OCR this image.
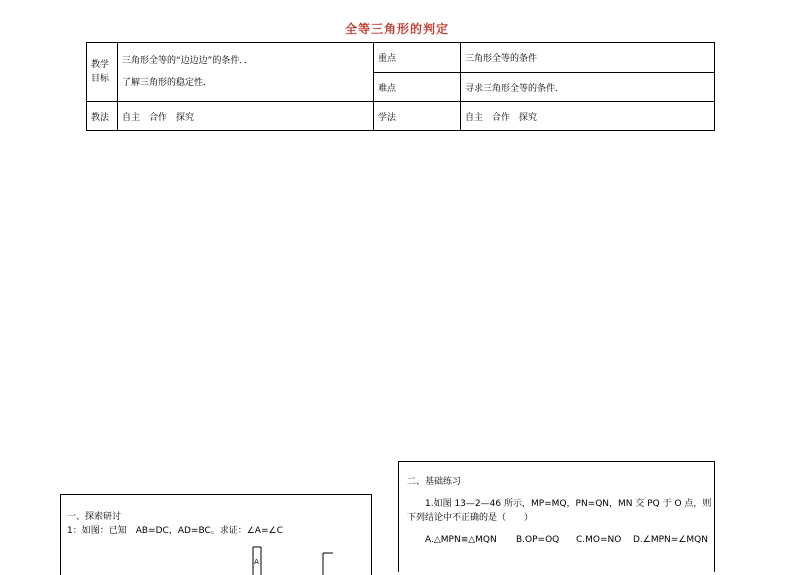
全等三角形的判定
教学目标	三角形全等的“边边边”的条件．．
了解三角形的稳定性．	重点	三角形全等的条件
		难点	寻求三角形全等的条件．
教法	自主　合作　探究	学法	自主　合作　探究
一、探索研讨
1：如图：已知　AB=DC，AD=BC。求证：∠A=∠C
A
二、基础练习
1.如图 13—2—46 所示，MP=MQ，PN=QN，MN 交 PQ 于 O 点，则
下列结论中不正确的是（　　）
A.△MPN≌△MQN B.OP=OQ C.MO=NO D.∠MPN=∠MQN
